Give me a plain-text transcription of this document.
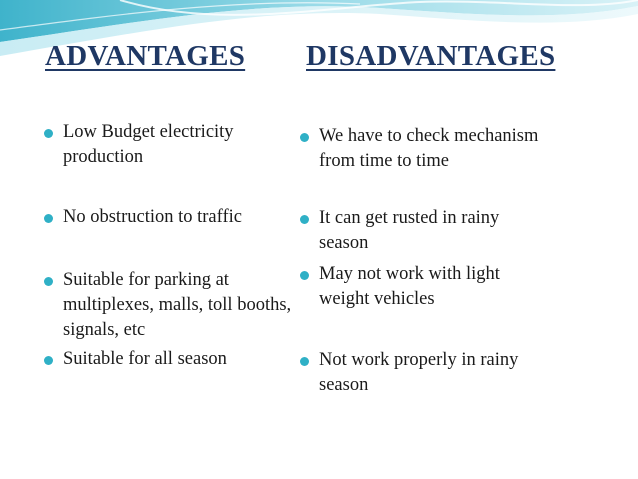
ADVANTAGES DISADVANTAGES

Low Budget electricity production

No obstruction to traffic

Suitable for parking at multiplexes, malls, toll booths, signals, etc

Suitable for all season

We have to check mechanism from time to time

It can get rusted in rainy season

May not work with light weight vehicles

Not work properly in rainy season
